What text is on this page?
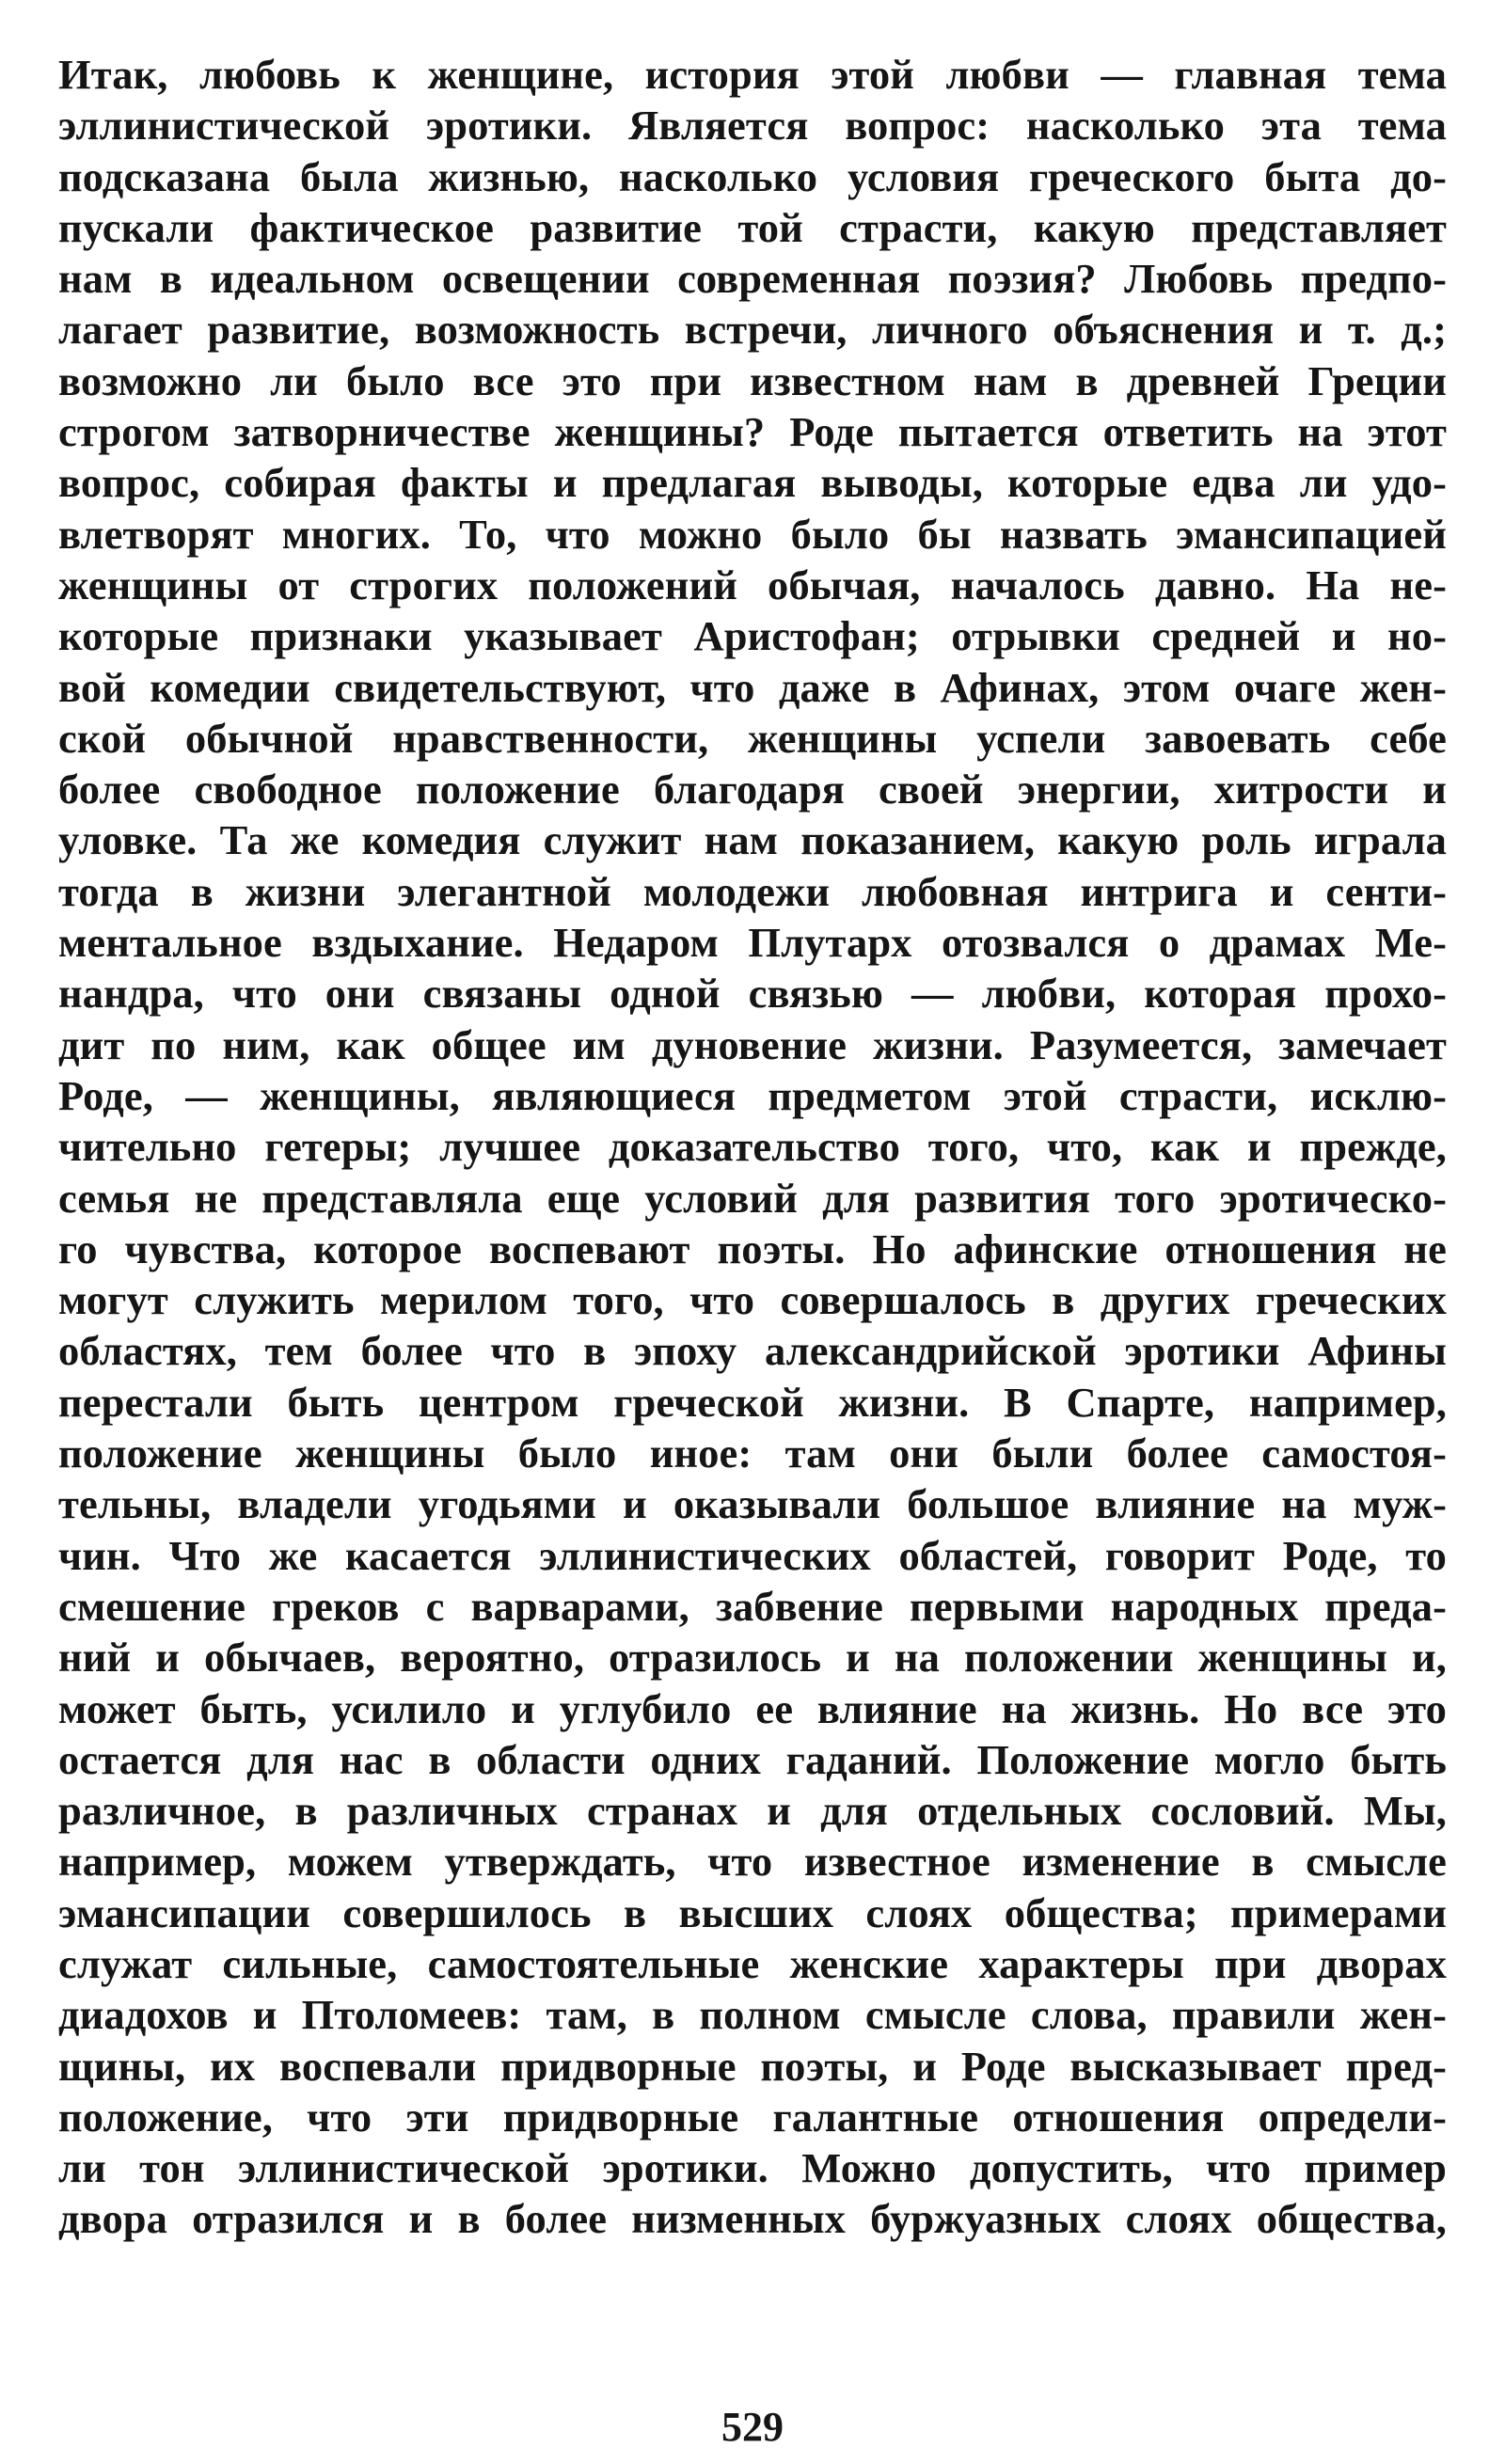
Итак, любовь к женщине, история этой любви — главная тема
эллинистической эротики. Является вопрос: насколько эта тема
подсказана была жизнью, насколько условия греческого быта до-
пускали фактическое развитие той страсти, какую представляет
нам в идеальном освещении современная поэзия? Любовь предпо-
лагает развитие, возможность встречи, личного объяснения и т. д.;
возможно ли было все это при известном нам в древней Греции
строгом затворничестве женщины? Роде пытается ответить на этот
вопрос, собирая факты и предлагая выводы, которые едва ли удо-
влетворят многих. То, что можно было бы назвать эмансипацией
женщины от строгих положений обычая, началось давно. На не-
которые признаки указывает Аристофан; отрывки средней и но-
вой комедии свидетельствуют, что даже в Афинах, этом очаге жен-
ской обычной нравственности, женщины успели завоевать себе
более свободное положение благодаря своей энергии, хитрости и
уловке. Та же комедия служит нам показанием, какую роль играла
тогда в жизни элегантной молодежи любовная интрига и сенти-
ментальное вздыхание. Недаром Плутарх отозвался о драмах Ме-
нандра, что они связаны одной связью — любви, которая прохо-
дит по ним, как общее им дуновение жизни. Разумеется, замечает
Роде, — женщины, являющиеся предметом этой страсти, исклю-
чительно гетеры; лучшее доказательство того, что, как и прежде,
семья не представляла еще условий для развития того эротическо-
го чувства, которое воспевают поэты. Но афинские отношения не
могут служить мерилом того, что совершалось в других греческих
областях, тем более что в эпоху александрийской эротики Афины
перестали быть центром греческой жизни. В Спарте, например,
положение женщины было иное: там они были более самостоя-
тельны, владели угодьями и оказывали большое влияние на муж-
чин. Что же касается эллинистических областей, говорит Роде, то
смешение греков с варварами, забвение первыми народных преда-
ний и обычаев, вероятно, отразилось и на положении женщины и,
может быть, усилило и углубило ее влияние на жизнь. Но все это
остается для нас в области одних гаданий. Положение могло быть
различное, в различных странах и для отдельных сословий. Мы,
например, можем утверждать, что известное изменение в смысле
эмансипации совершилось в высших слоях общества; примерами
служат сильные, самостоятельные женские характеры при дворах
диадохов и Птоломеев: там, в полном смысле слова, правили жен-
щины, их воспевали придворные поэты, и Роде высказывает пред-
положение, что эти придворные галантные отношения определи-
ли тон эллинистической эротики. Можно допустить, что пример
двора отразился и в более низменных буржуазных слоях общества,
529
